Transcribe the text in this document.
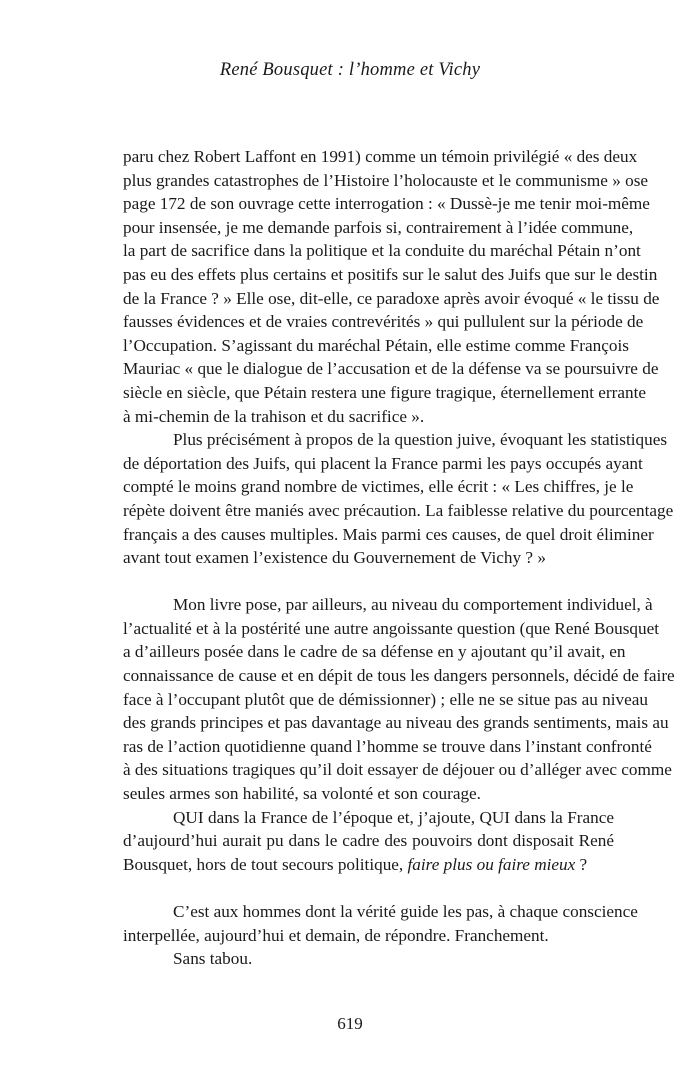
René Bousquet : l’homme et Vichy
paru chez Robert Laffont en 1991) comme un témoin privilégié « des deux
plus grandes catastrophes de l’Histoire l’holocauste et le communisme » ose
page 172 de son ouvrage cette interrogation : « Dussè-je me tenir moi-même
pour insensée, je me demande parfois si, contrairement à l’idée commune,
la part de sacrifice dans la politique et la conduite du maréchal Pétain n’ont
pas eu des effets plus certains et positifs sur le salut des Juifs que sur le destin
de la France ? » Elle ose, dit-elle, ce paradoxe après avoir évoqué « le tissu de
fausses évidences et de vraies contrevérités » qui pullulent sur la période de
l’Occupation. S’agissant du maréchal Pétain, elle estime comme François
Mauriac « que le dialogue de l’accusation et de la défense va se poursuivre de
siècle en siècle, que Pétain restera une figure tragique, éternellement errante
à mi-chemin de la trahison et du sacrifice ».
Plus précisément à propos de la question juive, évoquant les statistiques
de déportation des Juifs, qui placent la France parmi les pays occupés ayant
compté le moins grand nombre de victimes, elle écrit : « Les chiffres, je le
répète doivent être maniés avec précaution. La faiblesse relative du pourcentage
français a des causes multiples. Mais parmi ces causes, de quel droit éliminer
avant tout examen l’existence du Gouvernement de Vichy ? »
Mon livre pose, par ailleurs, au niveau du comportement individuel, à
l’actualité et à la postérité une autre angoissante question (que René Bousquet
a d’ailleurs posée dans le cadre de sa défense en y ajoutant qu’il avait, en
connaissance de cause et en dépit de tous les dangers personnels, décidé de faire
face à l’occupant plutôt que de démissionner) ; elle ne se situe pas au niveau
des grands principes et pas davantage au niveau des grands sentiments, mais au
ras de l’action quotidienne quand l’homme se trouve dans l’instant confronté
à des situations tragiques qu’il doit essayer de déjouer ou d’alléger avec comme
seules armes son habilité, sa volonté et son courage.
QUI dans la France de l’époque et, j’ajoute, QUI dans la France
d’aujourd’hui aurait pu dans le cadre des pouvoirs dont disposait René
Bousquet, hors de tout secours politique, faire plus ou faire mieux ?
C’est aux hommes dont la vérité guide les pas, à chaque conscience
interpellée, aujourd’hui et demain, de répondre. Franchement.
Sans tabou.
619
